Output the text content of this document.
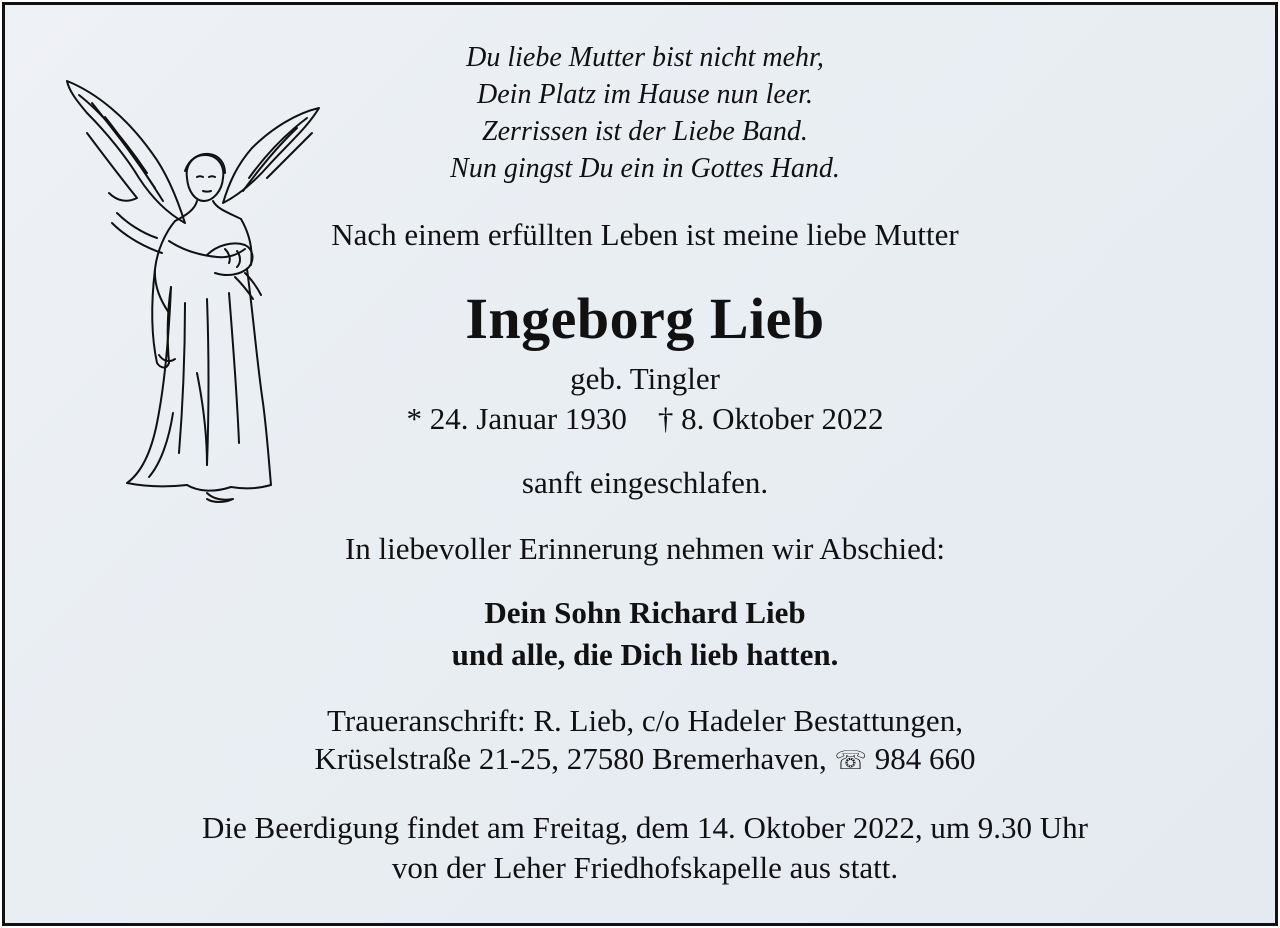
Du liebe Mutter bist nicht mehr,
Dein Platz im Hause nun leer.
Zerrissen ist der Liebe Band.
Nun gingst Du ein in Gottes Hand.
Nach einem erfüllten Leben ist meine liebe Mutter
Ingeborg Lieb
geb. Tingler
* 24. Januar 1930 † 8. Oktober 2022
sanft eingeschlafen.
In liebevoller Erinnerung nehmen wir Abschied:
Dein Sohn Richard Lieb
und alle, die Dich lieb hatten.
Traueranschrift: R. Lieb, c/o Hadeler Bestattungen,
Krüselstraße 21-25, 27580 Bremerhaven, ☏ 984 660
Die Beerdigung findet am Freitag, dem 14. Oktober 2022, um 9.30 Uhr
von der Leher Friedhofskapelle aus statt.
